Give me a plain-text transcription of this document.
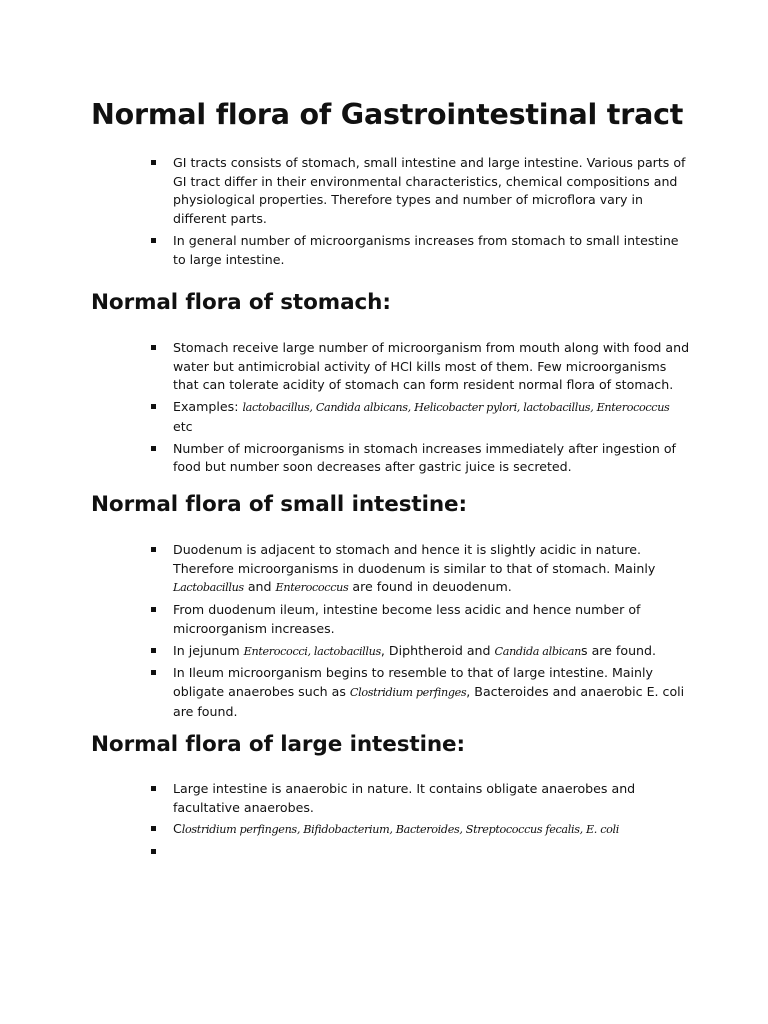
Normal flora of Gastrointestinal tract
GI tracts consists of stomach, small intestine and large intestine. Various parts of GI tract differ in their environmental characteristics, chemical compositions and physiological properties. Therefore types and number of microflora vary in different parts.
In general number of microorganisms increases from stomach to small intestine to large intestine.
Normal flora of stomach:
Stomach receive large number of microorganism from mouth along with food and water but antimicrobial activity of HCl kills most of them. Few microorganisms that can tolerate acidity of stomach can form resident normal flora of stomach.
Examples: lactobacillus, Candida albicans, Helicobacter pylori, lactobacillus, Enterococcus etc
Number of microorganisms in stomach increases immediately after ingestion of food but number soon decreases after gastric juice is secreted.
Normal flora of small intestine:
Duodenum is adjacent to stomach and hence it is slightly acidic in nature. Therefore microorganisms in duodenum is similar to that of stomach. Mainly Lactobacillus and Enterococcus are found in deuodenum.
From duodenum ileum, intestine become less acidic and hence number of microorganism increases.
In jejunum Enterococci, lactobacillus, Diphtheroid and Candida albicans are found.
In Ileum microorganism begins to resemble to that of large intestine. Mainly obligate anaerobes such as Clostridium perfinges, Bacteroides and anaerobic E. coli are found.
Normal flora of large intestine:
Large intestine is anaerobic in nature. It contains obligate anaerobes and facultative anaerobes.
Clostridium perfingens, Bifidobacterium, Bacteroides, Streptococcus fecalis, E. coli
